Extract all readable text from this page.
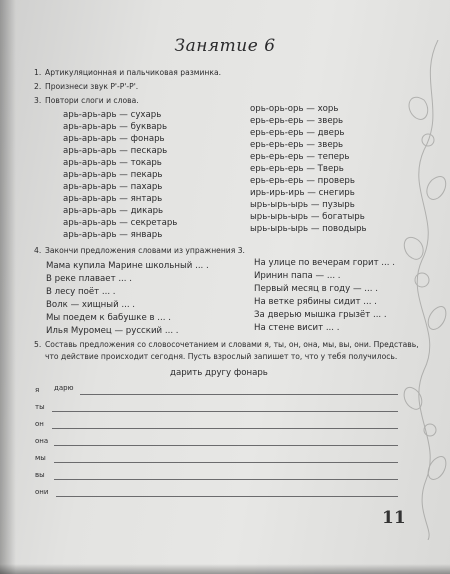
Занятие 6
1. Артикуляционная и пальчиковая разминка.
2. Произнеси звук Р'-Р'-Р'.
3. Повтори слоги и слова.
арь-арь-арь — сухарь
арь-арь-арь — букварь
арь-арь-арь — фонарь
арь-арь-арь — пескарь
арь-арь-арь — токарь
арь-арь-арь — пекарь
арь-арь-арь — пахарь
арь-арь-арь — янтарь
арь-арь-арь — дикарь
арь-арь-арь — секретарь
арь-арь-арь — январь
орь-орь-орь — хорь
ерь-ерь-ерь — зверь
ерь-ерь-ерь — дверь
ерь-ерь-ерь — зверь
ерь-ерь-ерь — теперь
ерь-ерь-ерь — Тверь
ерь-ерь-ерь — проверь
ирь-ирь-ирь — снегирь
ырь-ырь-ырь — пузырь
ырь-ырь-ырь — богатырь
ырь-ырь-ырь — поводырь
4. Закончи предложения словами из упражнения 3.
Мама купила Марине школьный ... .
В реке плавает ... .
В лесу поёт ... .
Волк — хищный ... .
Мы поедем к бабушке в ... .
Илья Муромец — русский ... .
На улице по вечерам горит ... .
Иринин папа — ... .
Первый месяц в году — ... .
На ветке рябины сидит ... .
За дверью мышка грызёт ... .
На стене висит ... .
5. Составь предложения со словосочетанием и словами я, ты, он, она, мы, вы, они. Представь,
что действие происходит сегодня. Пусть взрослый запишет то, что у тебя получилось.
дарить другу фонарь
я дарю
ты
он
она
мы
вы
они
11
